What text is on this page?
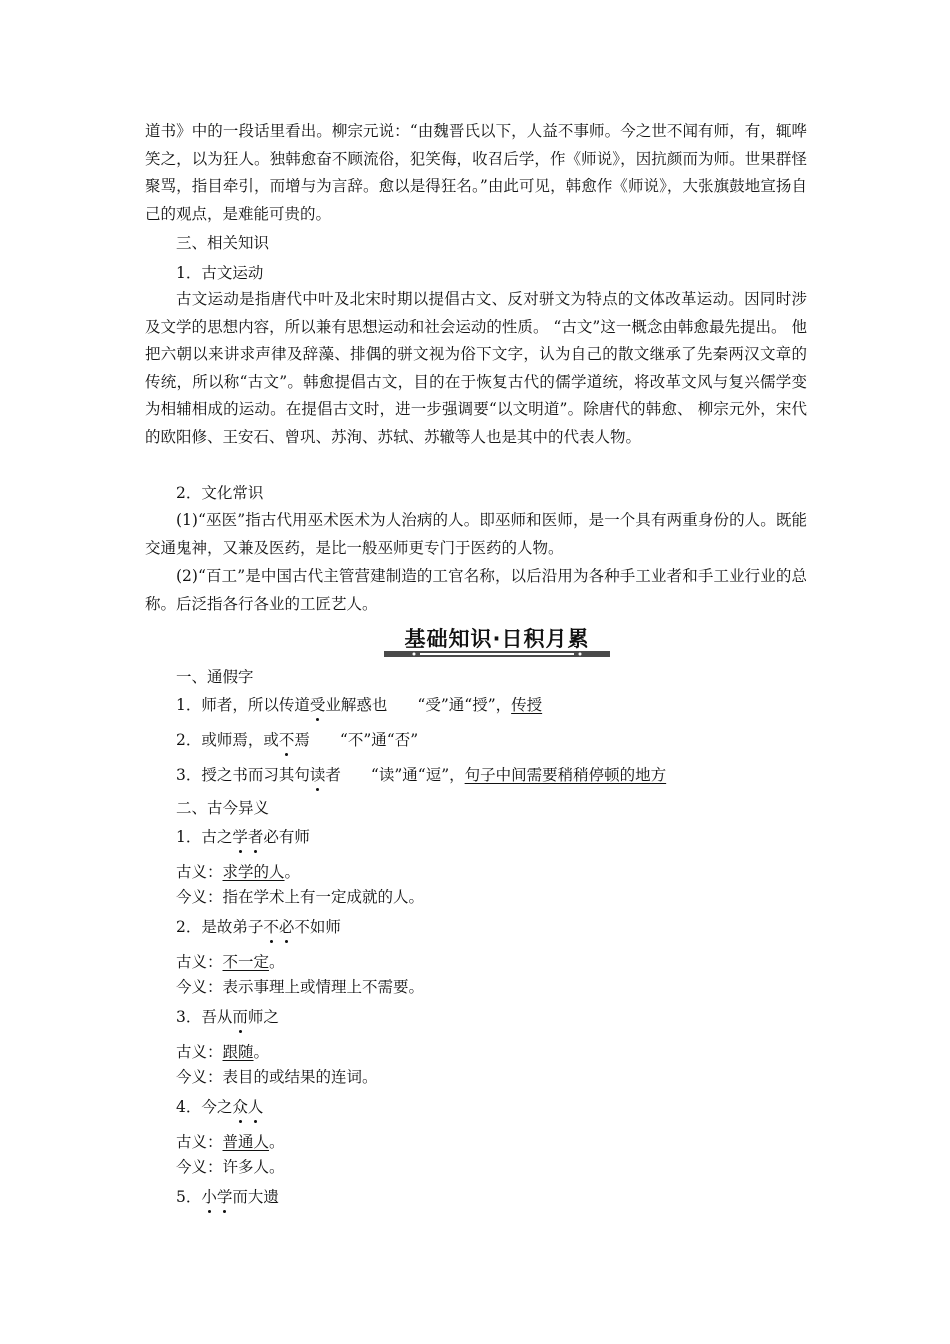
道书》中的一段话里看出。柳宗元说：“由魏晋氏以下，人益不事师。今之世不闻有师，有，辄哗笑之，以为狂人。独韩愈奋不顾流俗，犯笑侮，收召后学，作《师说》，因抗颜而为师。世果群怪聚骂，指目牵引，而增与为言辞。愈以是得狂名。”由此可见，韩愈作《师说》，大张旗鼓地宣扬自己的观点，是难能可贵的。
三、相关知识
1．古文运动
古文运动是指唐代中叶及北宋时期以提倡古文、反对骈文为特点的文体改革运动。因同时涉及文学的思想内容，所以兼有思想运动和社会运动的性质。 “古文”这一概念由韩愈最先提出。 他把六朝以来讲求声律及辞藻、排偶的骈文视为俗下文字，认为自己的散文继承了先秦两汉文章的传统，所以称“古文”。韩愈提倡古文，目的在于恢复古代的儒学道统，将改革文风与复兴儒学变为相辅相成的运动。在提倡古文时，进一步强调要“以文明道”。除唐代的韩愈、 柳宗元外，宋代的欧阳修、王安石、曾巩、苏洵、苏轼、苏辙等人也是其中的代表人物。
2．文化常识
(1)“巫医”指古代用巫术医术为人治病的人。即巫师和医师，是一个具有两重身份的人。既能交通鬼神，又兼及医药，是比一般巫师更专门于医药的人物。
(2)“百工”是中国古代主管营建制造的工官名称，以后沿用为各种手工业者和手工业行业的总称。后泛指各行各业的工匠艺人。
基础知识·日积月累
一、通假字
1．师者，所以传道受业解惑也 “受”通“授”，传授
2．或师焉，或不焉 “不”通“否”
3．授之书而习其句读者 “读”通“逗”，句子中间需要稍稍停顿的地方
二、古今异义
1．古之学者必有师
古义：求学的人。
今义：指在学术上有一定成就的人。
2．是故弟子不必不如师
古义：不一定。
今义：表示事理上或情理上不需要。
3．吾从而师之
古义：跟随。
今义：表目的或结果的连词。
4．今之众人
古义：普通人。
今义：许多人。
5．小学而大遗
